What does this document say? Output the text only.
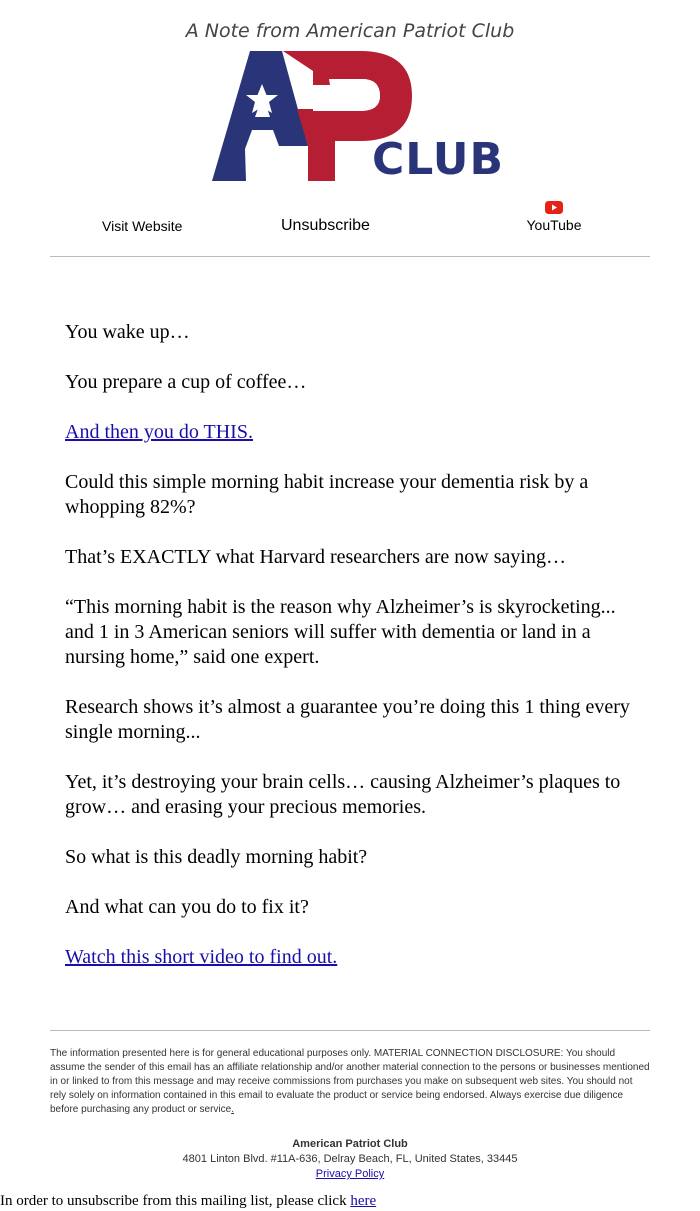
A Note from American Patriot Club
CLUB
Visit Website	Unsubscribe	YouTube

You wake up…

You prepare a cup of coffee…

And then you do THIS.

Could this simple morning habit increase your dementia risk by a whopping 82%?

That’s EXACTLY what Harvard researchers are now saying…

“This morning habit is the reason why Alzheimer’s is skyrocketing... and 1 in 3 American seniors will suffer with dementia or land in a nursing home,” said one expert.

Research shows it’s almost a guarantee you’re doing this 1 thing every single morning...

Yet, it’s destroying your brain cells… causing Alzheimer’s plaques to grow… and erasing your precious memories.

So what is this deadly morning habit?

And what can you do to fix it?

Watch this short video to find out.

The information presented here is for general educational purposes only. MATERIAL CONNECTION DISCLOSURE: You should assume the sender of this email has an affiliate relationship and/or another material connection to the persons or businesses mentioned in or linked to from this message and may receive commissions from purchases you make on subsequent web sites. You should not rely solely on information contained in this email to evaluate the product or service being endorsed. Always exercise due diligence before purchasing any product or service.

American Patriot Club
4801 Linton Blvd. #11A-636, Delray Beach, FL, United States, 33445
Privacy Policy
In order to unsubscribe from this mailing list, please click here
